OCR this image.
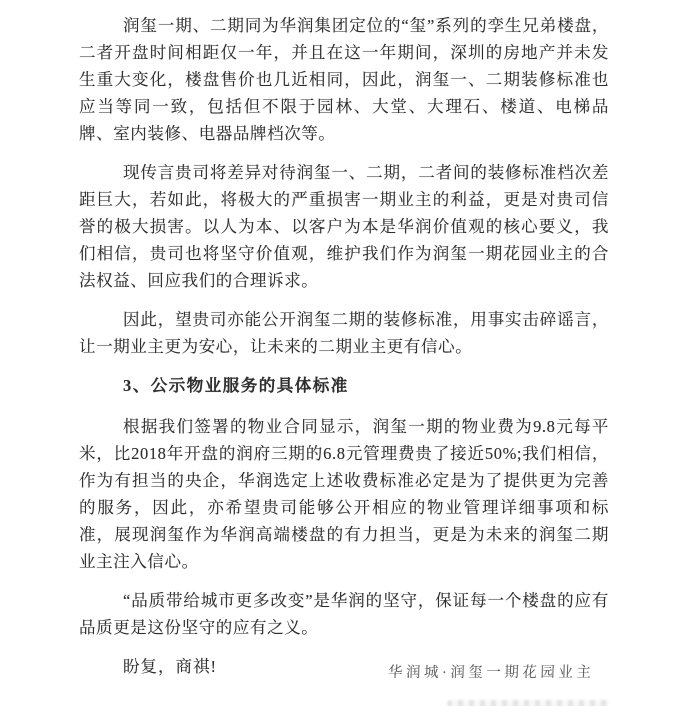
润玺一期、二期同为华润集团定位的“玺”系列的孪生兄弟楼盘，二者开盘时间相距仅一年，并且在这一年期间，深圳的房地产并未发生重大变化，楼盘售价也几近相同，因此，润玺一、二期装修标准也应当等同一致，包括但不限于园林、大堂、大理石、楼道、电梯品牌、室内装修、电器品牌档次等。

现传言贵司将差异对待润玺一、二期，二者间的装修标准档次差距巨大，若如此，将极大的严重损害一期业主的利益，更是对贵司信誉的极大损害。以人为本、以客户为本是华润价值观的核心要义，我们相信，贵司也将坚守价值观，维护我们作为润玺一期花园业主的合法权益、回应我们的合理诉求。

因此，望贵司亦能公开润玺二期的装修标准，用事实击碎谣言，让一期业主更为安心，让未来的二期业主更有信心。

3、公示物业服务的具体标准

根据我们签署的物业合同显示，润玺一期的物业费为9.8元每平米，比2018年开盘的润府三期的6.8元管理费贵了接近50%;我们相信，作为有担当的央企，华润选定上述收费标准必定是为了提供更为完善的服务，因此，亦希望贵司能够公开相应的物业管理详细事项和标准，展现润玺作为华润高端楼盘的有力担当，更是为未来的润玺二期业主注入信心。

“品质带给城市更多改变”是华润的坚守，保证每一个楼盘的应有品质更是这份坚守的应有之义。

盼复，商祺!	华润城·润玺一期花园业主
